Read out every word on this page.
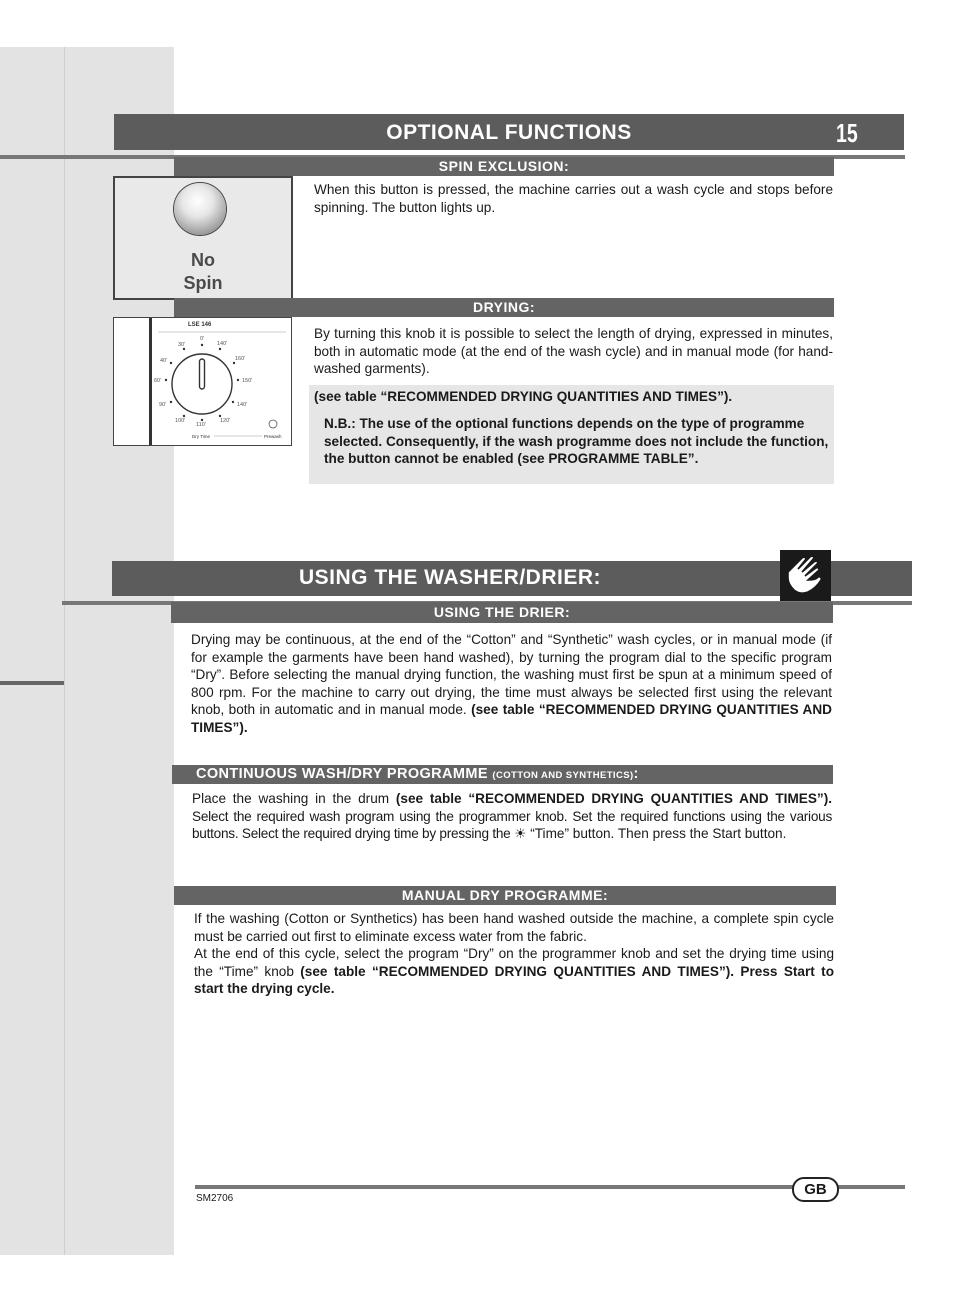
OPTIONAL FUNCTIONS	15
SPIN EXCLUSION:
No
Spin
When this button is pressed, the machine carries out a wash cycle and stops before spinning. The button lights up.
DRYING:
LSE 146
0'
140'
160'
150'
140'
120'
110'
100'
90'
60'
40'
30'
Dry Time	Prewash
By turning this knob it is possible to select the length of drying, expressed in minutes, both in automatic mode (at the end of the wash cycle) and in manual mode (for hand-washed garments).
(see table “RECOMMENDED DRYING QUANTITIES AND TIMES”).
N.B.: The use of the optional functions depends on the type of programme selected. Consequently, if the wash programme does not include the function, the button cannot be enabled (see PROGRAMME TABLE”.
USING THE WASHER/DRIER:
USING THE DRIER:
Drying may be continuous, at the end of the “Cotton” and “Synthetic” wash cycles, or in manual mode (if for example the garments have been hand washed), by turning the program dial to the specific program “Dry”. Before selecting the manual drying function, the washing must first be spun at a minimum speed of 800 rpm. For the machine to carry out drying, the time must always be selected first using the relevant knob, both in automatic and in manual mode. (see table “RECOMMENDED DRYING QUANTITIES AND TIMES”).
CONTINUOUS WASH/DRY PROGRAMME (COTTON AND SYNTHETICS):
Place the washing in the drum (see table “RECOMMENDED DRYING QUANTITIES AND TIMES”). Select the required wash program using the programmer knob. Set the required functions using the various buttons. Select the required drying time by pressing the ☀ “Time” button. Then press the Start button.
MANUAL DRY PROGRAMME:

If the washing (Cotton or Synthetics) has been hand washed outside the machine, a complete spin cycle must be carried out first to eliminate excess water from the fabric.

At the end of this cycle, select the program “Dry” on the programmer knob and set the drying time using the “Time” knob (see table “RECOMMENDED DRYING QUANTITIES AND TIMES”). Press Start to start the drying cycle.

GB
SM2706
